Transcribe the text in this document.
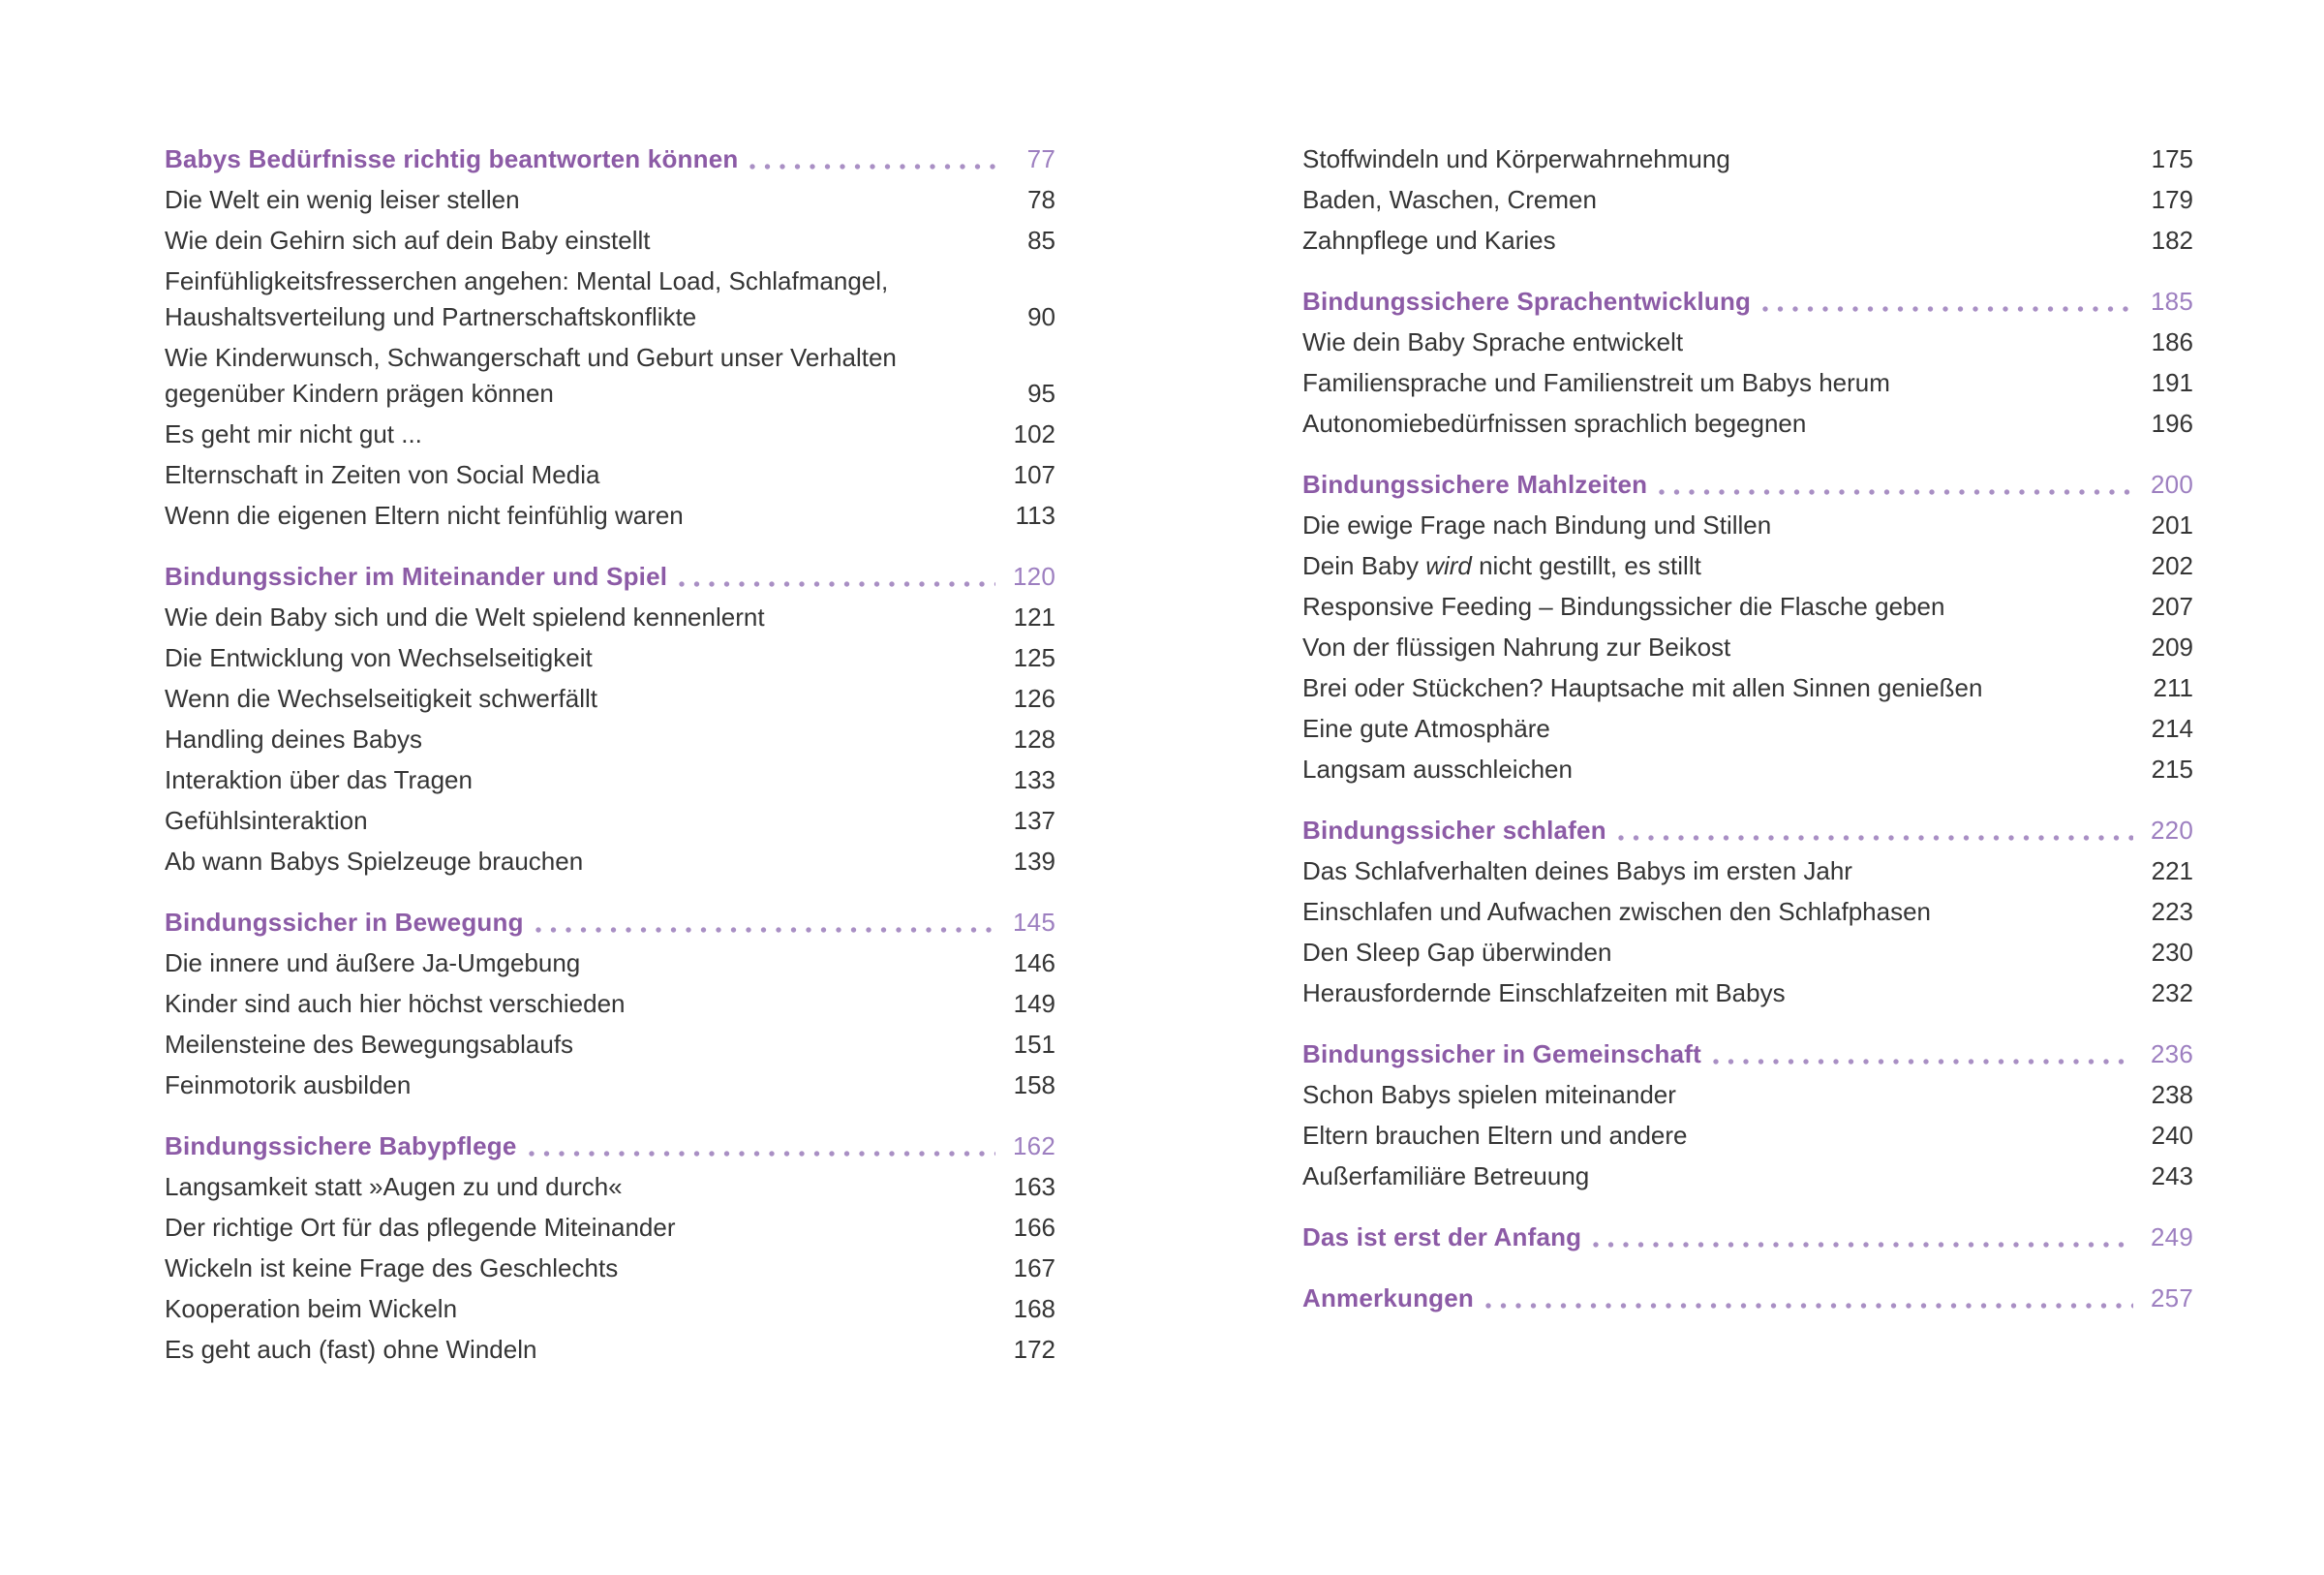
Babys Bedürfnisse richtig beantworten können	77
Die Welt ein wenig leiser stellen	78
Wie dein Gehirn sich auf dein Baby einstellt	85
Feinfühligkeitsfresserchen angehen: Mental Load, Schlafmangel,
Haushaltsverteilung und Partnerschaftskonflikte	90
Wie Kinderwunsch, Schwangerschaft und Geburt unser Verhalten
gegenüber Kindern prägen können	95
Es geht mir nicht gut ...	102
Elternschaft in Zeiten von Social Media	107
Wenn die eigenen Eltern nicht feinfühlig waren	113
Bindungssicher im Miteinander und Spiel	120
Wie dein Baby sich und die Welt spielend kennenlernt	121
Die Entwicklung von Wechselseitigkeit	125
Wenn die Wechselseitigkeit schwerfällt	126
Handling deines Babys	128
Interaktion über das Tragen	133
Gefühlsinteraktion	137
Ab wann Babys Spielzeuge brauchen	139
Bindungssicher in Bewegung	145
Die innere und äußere Ja-Umgebung	146
Kinder sind auch hier höchst verschieden	149
Meilensteine des Bewegungsablaufs	151
Feinmotorik ausbilden	158
Bindungssichere Babypflege	162
Langsamkeit statt »Augen zu und durch«	163
Der richtige Ort für das pflegende Miteinander	166
Wickeln ist keine Frage des Geschlechts	167
Kooperation beim Wickeln	168
Es geht auch (fast) ohne Windeln	172
Stoffwindeln und Körperwahrnehmung	175
Baden, Waschen, Cremen	179
Zahnpflege und Karies	182
Bindungssichere Sprachentwicklung	185
Wie dein Baby Sprache entwickelt	186
Familiensprache und Familienstreit um Babys herum	191
Autonomiebedürfnissen sprachlich begegnen	196
Bindungssichere Mahlzeiten	200
Die ewige Frage nach Bindung und Stillen	201
Dein Baby wird nicht gestillt, es stillt	202
Responsive Feeding – Bindungssicher die Flasche geben	207
Von der flüssigen Nahrung zur Beikost	209
Brei oder Stückchen? Hauptsache mit allen Sinnen genießen	211
Eine gute Atmosphäre	214
Langsam ausschleichen	215
Bindungssicher schlafen	220
Das Schlafverhalten deines Babys im ersten Jahr	221
Einschlafen und Aufwachen zwischen den Schlafphasen	223
Den Sleep Gap überwinden	230
Herausfordernde Einschlafzeiten mit Babys	232
Bindungssicher in Gemeinschaft	236
Schon Babys spielen miteinander	238
Eltern brauchen Eltern und andere	240
Außerfamiliäre Betreuung	243
Das ist erst der Anfang	249
Anmerkungen	257
